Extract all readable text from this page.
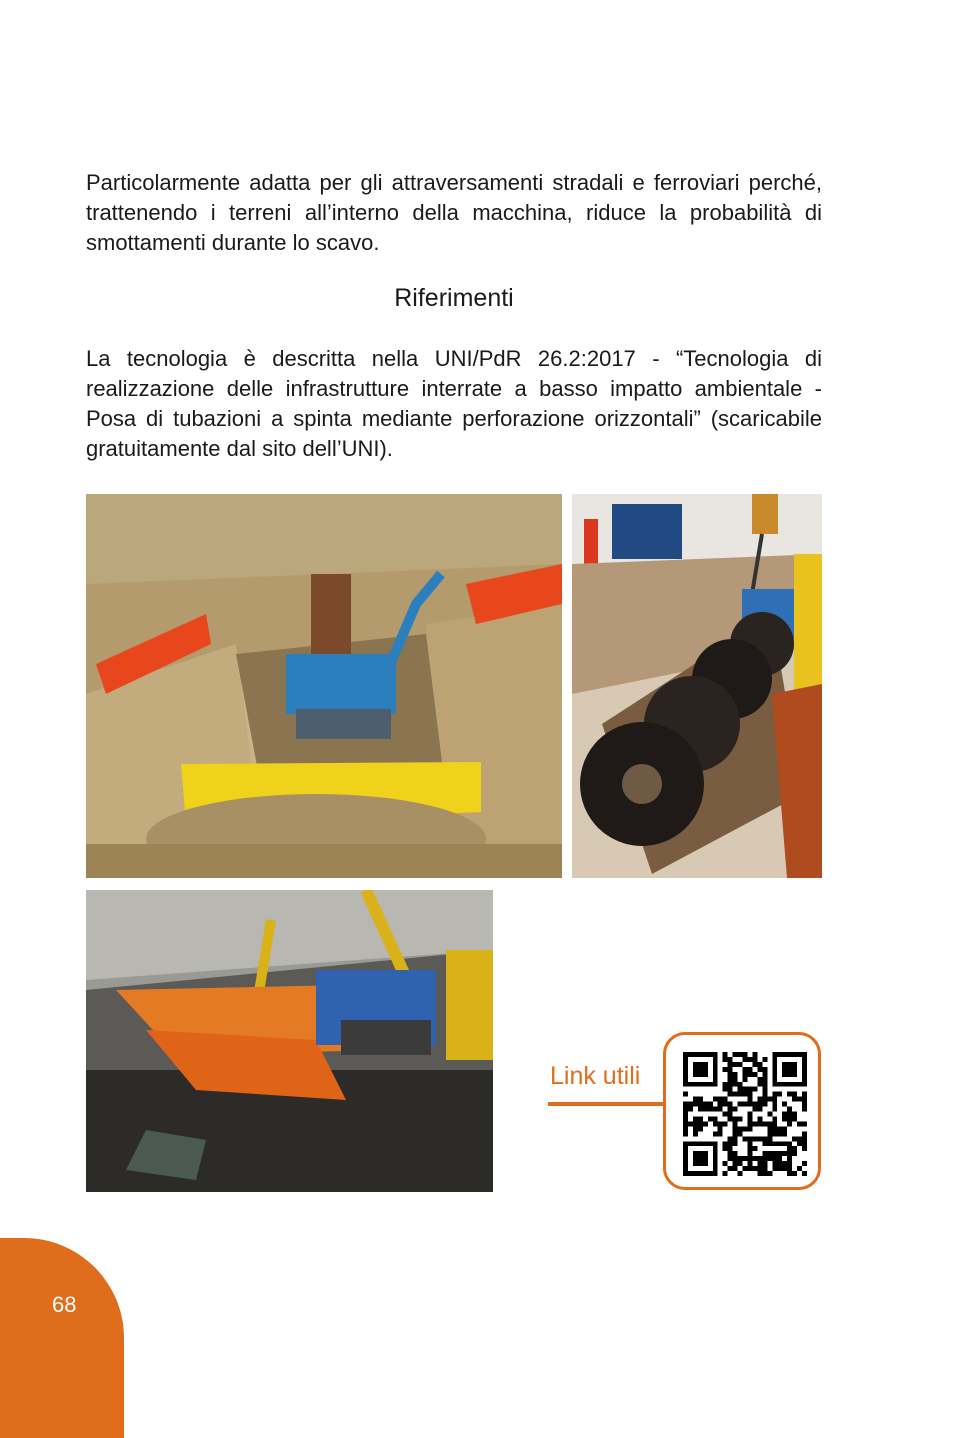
Particolarmente adatta per gli attraversamenti stradali e ferroviari perché, trattenendo i terreni all’interno della macchina, riduce la probabilità di smottamenti durante lo scavo.

Riferimenti

La tecnologia è descritta nella UNI/PdR 26.2:2017 - “Tecnologia di realizzazione delle infrastrutture interrate a basso impatto ambientale - Posa di tubazioni a spinta mediante perforazione orizzontali” (scaricabile gratuitamente dal sito dell’UNI).

Link utili
68
